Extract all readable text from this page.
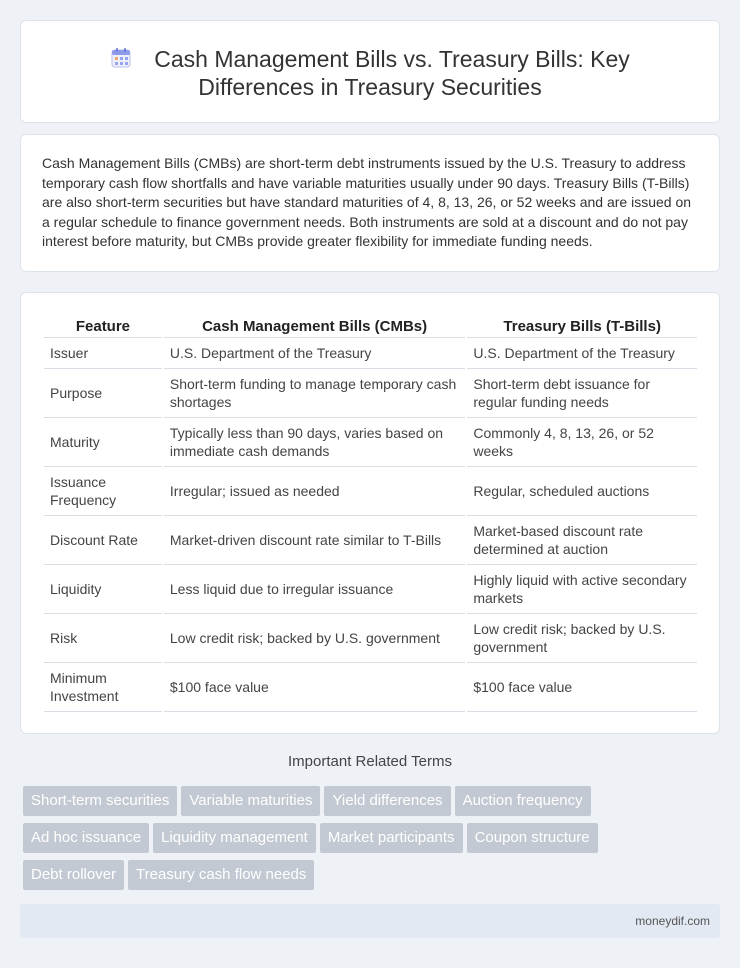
Cash Management Bills vs. Treasury Bills: Key
Differences in Treasury Securities

Cash Management Bills (CMBs) are short-term debt instruments issued by the U.S. Treasury to address temporary cash flow shortfalls and have variable maturities usually under 90 days. Treasury Bills (T-Bills) are also short-term securities but have standard maturities of 4, 8, 13, 26, or 52 weeks and are issued on a regular schedule to finance government needs. Both instruments are sold at a discount and do not pay interest before maturity, but CMBs provide greater flexibility for immediate funding needs.

Feature	Cash Management Bills (CMBs)	Treasury Bills (T-Bills)
Issuer	U.S. Department of the Treasury	U.S. Department of the Treasury
Purpose	Short-term funding to manage temporary cash shortages	Short-term debt issuance for regular funding needs
Maturity	Typically less than 90 days, varies based on immediate cash demands	Commonly 4, 8, 13, 26, or 52 weeks
Issuance Frequency	Irregular; issued as needed	Regular, scheduled auctions
Discount Rate	Market-driven discount rate similar to T-Bills	Market-based discount rate determined at auction
Liquidity	Less liquid due to irregular issuance	Highly liquid with active secondary markets
Risk	Low credit risk; backed by U.S. government	Low credit risk; backed by U.S. government
Minimum Investment	$100 face value	$100 face value
Important Related Terms
Short-term securities Variable maturities Yield differences Auction frequency
Ad hoc issuance Liquidity management Market participants Coupon structure
Debt rollover Treasury cash flow needs
moneydif.com
